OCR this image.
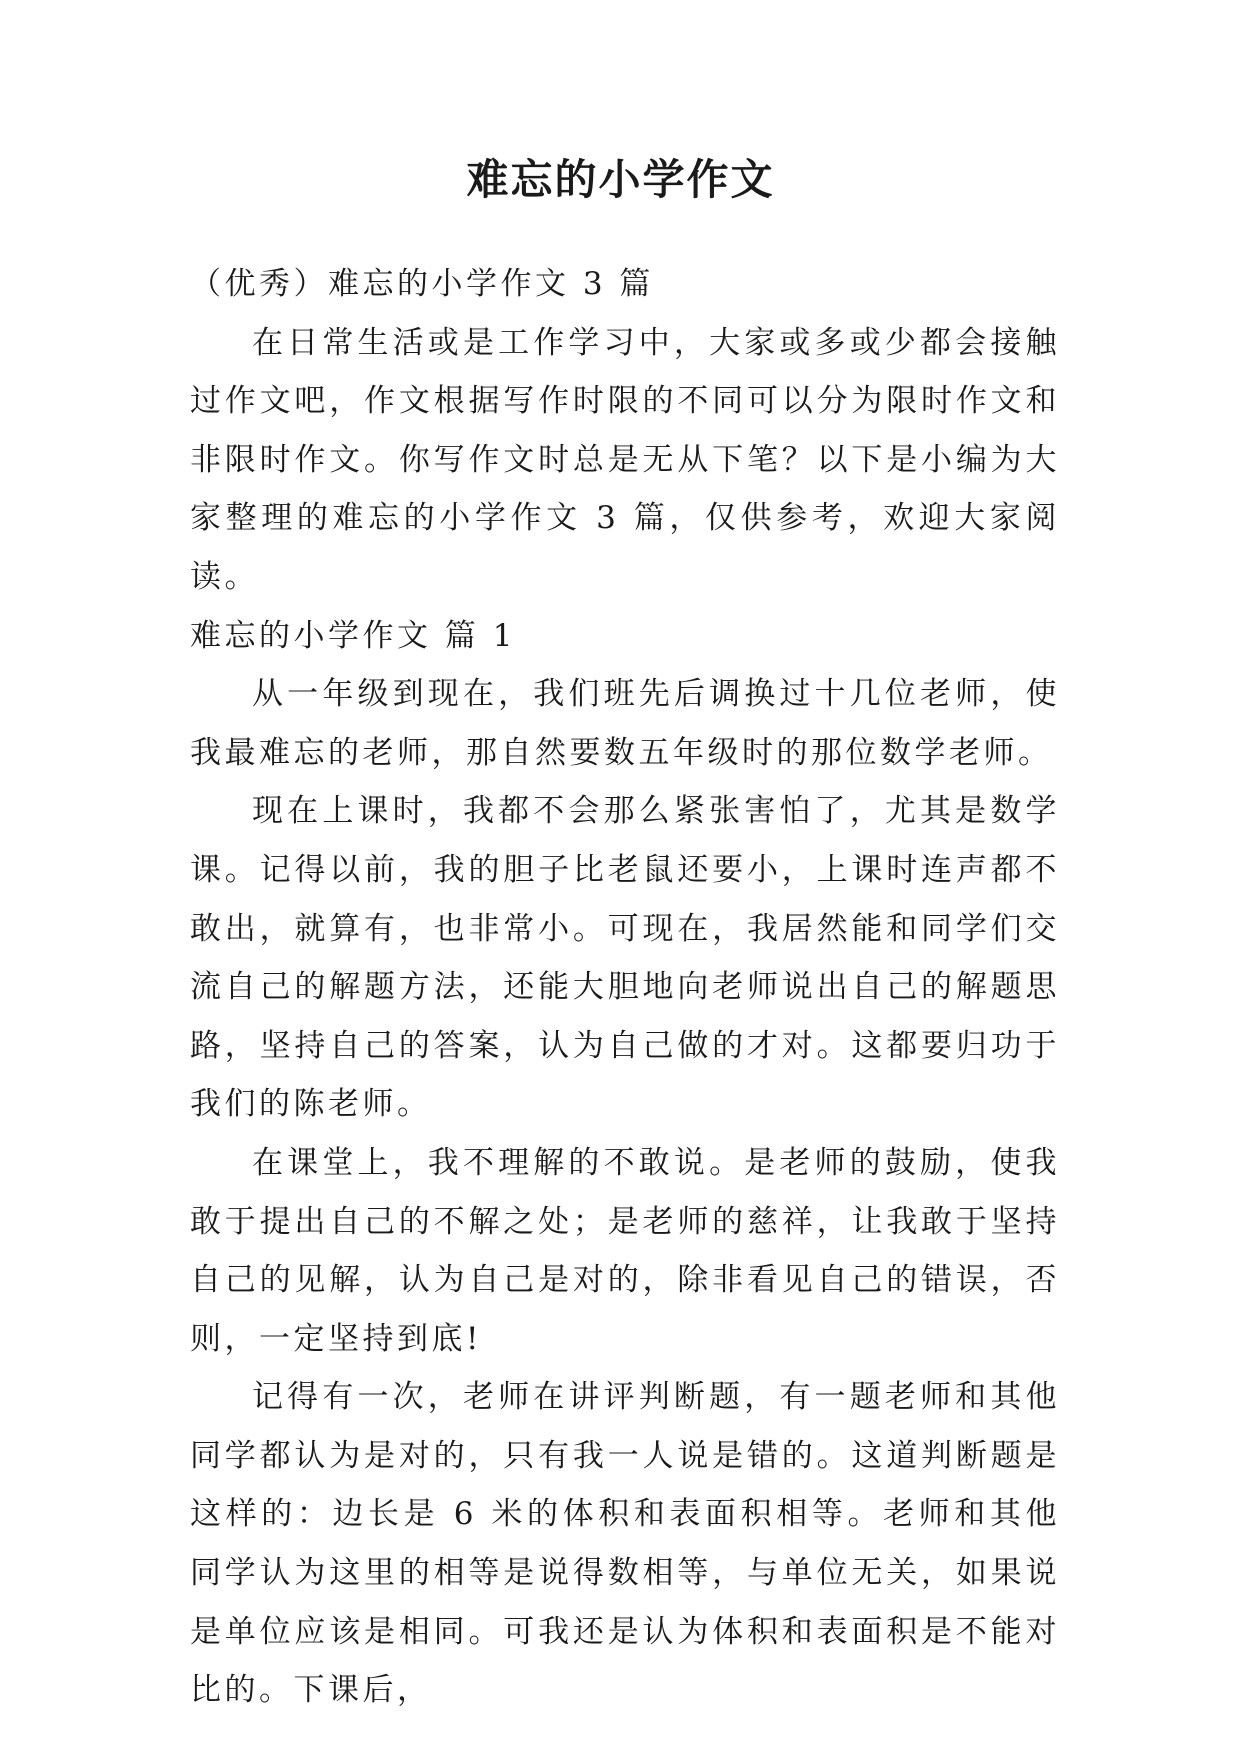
难忘的小学作文

（优秀）难忘的小学作文 3 篇

在日常生活或是工作学习中，大家或多或少都会接触过作文吧，作文根据写作时限的不同可以分为限时作文和非限时作文。你写作文时总是无从下笔？以下是小编为大家整理的难忘的小学作文 3 篇，仅供参考，欢迎大家阅读。

难忘的小学作文 篇 1

从一年级到现在，我们班先后调换过十几位老师，使我最难忘的老师，那自然要数五年级时的那位数学老师。

现在上课时，我都不会那么紧张害怕了，尤其是数学课。记得以前，我的胆子比老鼠还要小，上课时连声都不敢出，就算有，也非常小。可现在，我居然能和同学们交流自己的解题方法，还能大胆地向老师说出自己的解题思路，坚持自己的答案，认为自己做的才对。这都要归功于我们的陈老师。

在课堂上，我不理解的不敢说。是老师的鼓励，使我敢于提出自己的不解之处；是老师的慈祥，让我敢于坚持自己的见解，认为自己是对的，除非看见自己的错误，否则，一定坚持到底!

记得有一次，老师在讲评判断题，有一题老师和其他同学都认为是对的，只有我一人说是错的。这道判断题是这样的：边长是 6 米的体积和表面积相等。老师和其他同学认为这里的相等是说得数相等，与单位无关，如果说是单位应该是相同。可我还是认为体积和表面积是不能对比的。下课后，
